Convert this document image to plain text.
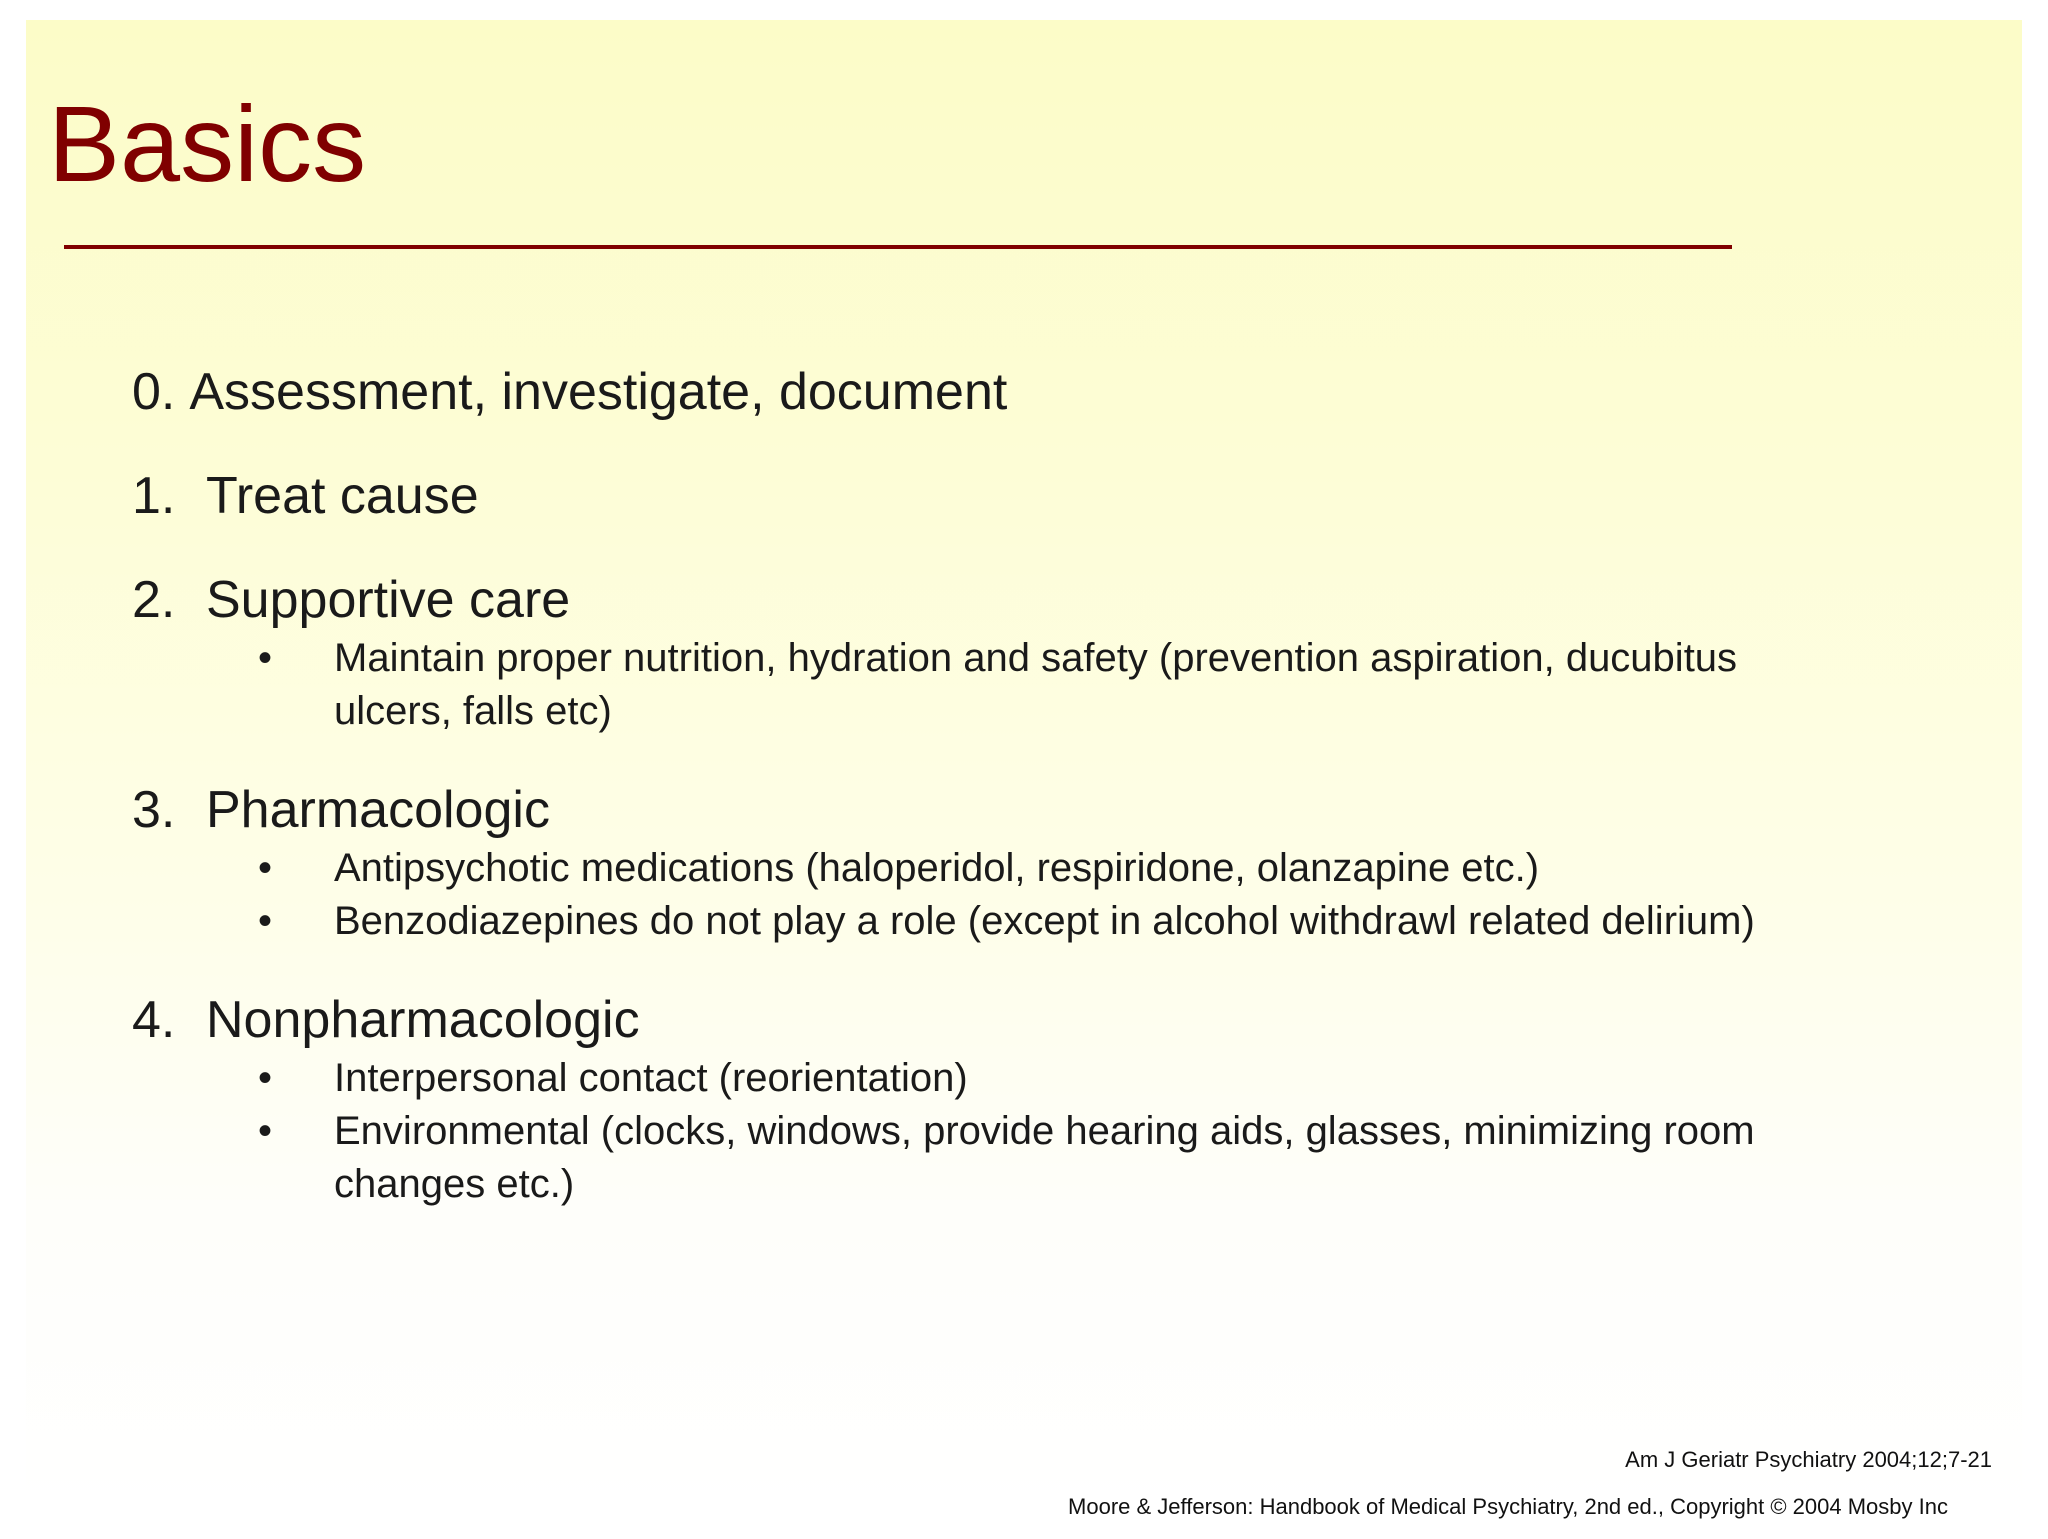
Basics
0. Assessment, investigate, document
1. Treat cause
2. Supportive care
• Maintain proper nutrition, hydration and safety (prevention aspiration, ducubitus ulcers, falls etc)
3. Pharmacologic
• Antipsychotic medications (haloperidol, respiridone, olanzapine etc.)
• Benzodiazepines do not play a role (except in alcohol withdrawl related delirium)
4. Nonpharmacologic
• Interpersonal contact (reorientation)
• Environmental (clocks, windows, provide hearing aids, glasses, minimizing room changes etc.)
Am J Geriatr Psychiatry 2004;12;7-21
Moore & Jefferson: Handbook of Medical Psychiatry, 2nd ed., Copyright © 2004 Mosby Inc
